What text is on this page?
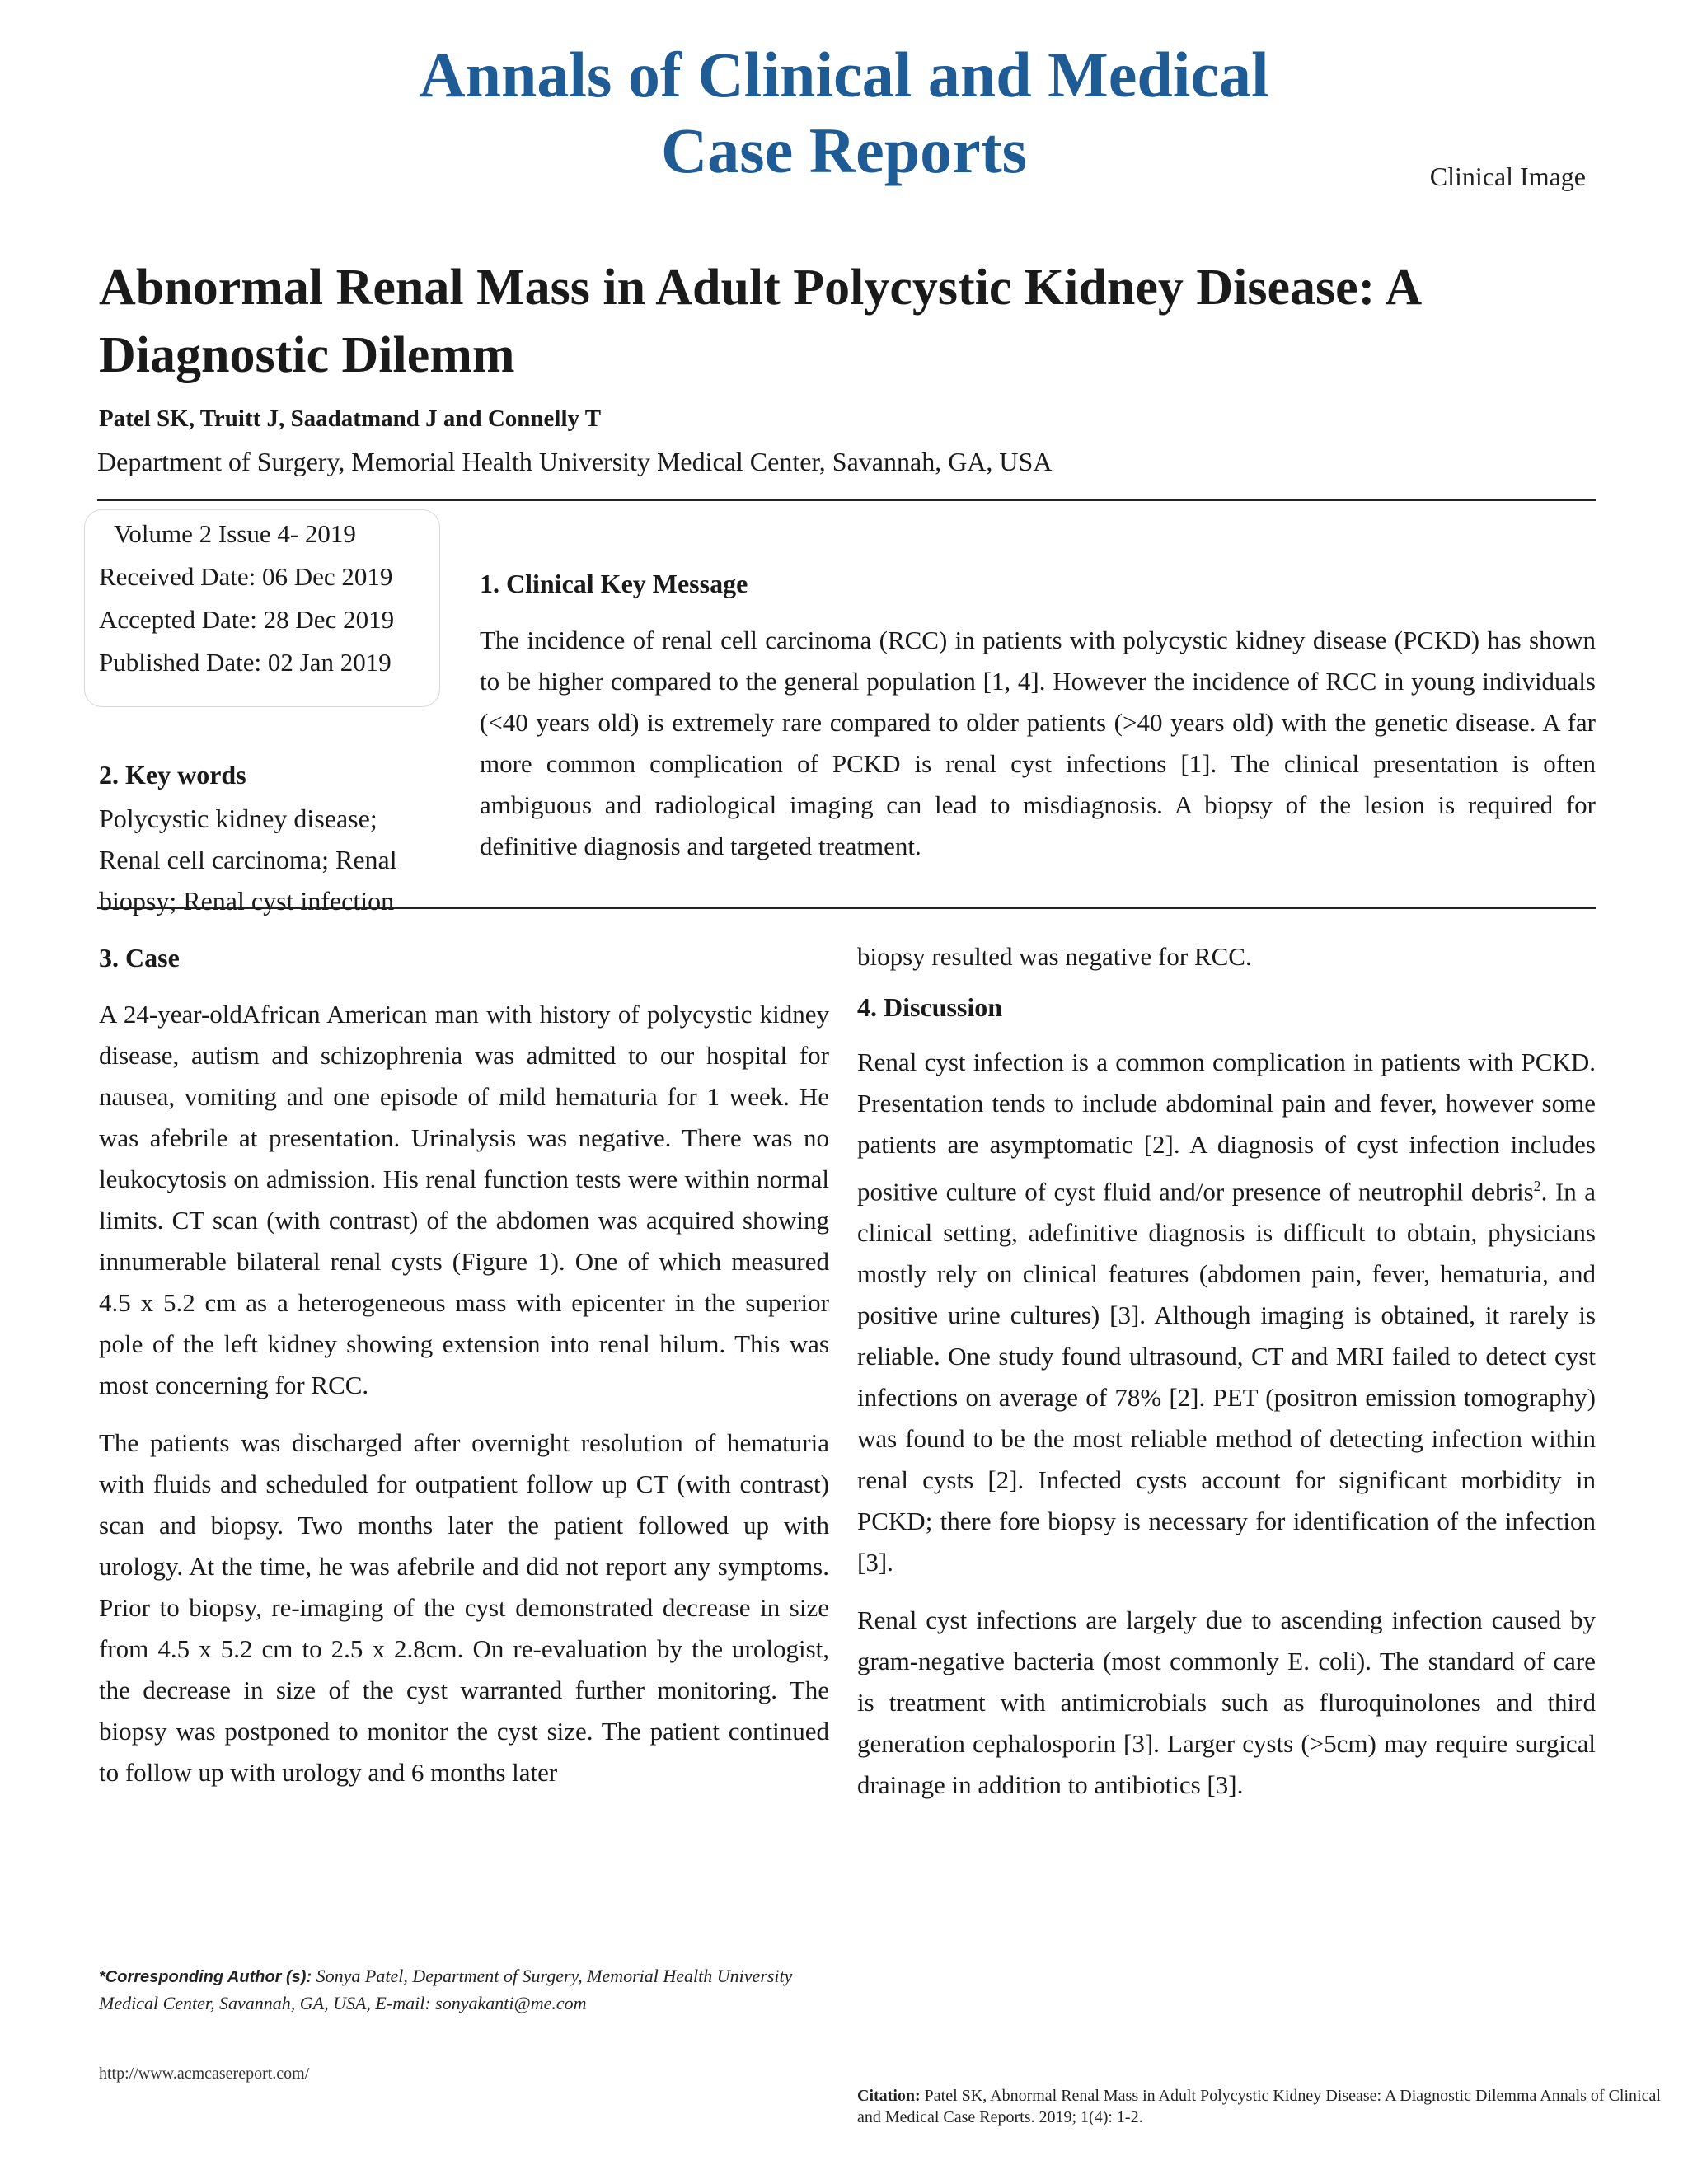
Annals of Clinical and Medical
Case Reports	Clinical Image
Abnormal Renal Mass in Adult Polycystic Kidney Disease: A
Diagnostic Dilemm
Patel SK, Truitt J, Saadatmand J and Connelly T
Department of Surgery, Memorial Health University Medical Center, Savannah, GA, USA
Volume 2 Issue 4- 2019
Received Date: 06 Dec 2019
Accepted Date: 28 Dec 2019
Published Date: 02 Jan 2019
2. Key words
Polycystic kidney disease;
Renal cell carcinoma; Renal
biopsy; Renal cyst infection
1. Clinical Key Message

The incidence of renal cell carcinoma (RCC) in patients with polycystic kidney disease (PCKD) has shown to be higher compared to the general population [1, 4]. However the incidence of RCC in young individuals (<40 years old) is extremely rare compared to older patients (>40 years old) with the genetic disease. A far more common complication of PCKD is renal cyst infections [1]. The clinical presentation is often ambiguous and radiological imaging can lead to misdiagnosis. A biopsy of the lesion is required for definitive diagnosis and targeted treatment.

3. Case

A 24-year-oldAfrican American man with history of polycystic kidney disease, autism and schizophrenia was admitted to our hospital for nausea, vomiting and one episode of mild hematuria for 1 week. He was afebrile at presentation. Urinalysis was negative. There was no leukocytosis on admission. His renal function tests were within normal limits. CT scan (with contrast) of the abdomen was acquired showing innumerable bilateral renal cysts (Figure 1). One of which measured 4.5 x 5.2 cm as a heterogeneous mass with epicenter in the superior pole of the left kidney showing extension into renal hilum. This was most concerning for RCC.

The patients was discharged after overnight resolution of hematuria with fluids and scheduled for outpatient follow up CT (with contrast) scan and biopsy. Two months later the patient followed up with urology. At the time, he was afebrile and did not report any symptoms. Prior to biopsy, re-imaging of the cyst demonstrated decrease in size from 4.5 x 5.2 cm to 2.5 x 2.8cm. On re-evaluation by the urologist, the decrease in size of the cyst warranted further monitoring. The biopsy was postponed to monitor the cyst size. The patient continued to follow up with urology and 6 months later

biopsy resulted was negative for RCC.

4. Discussion

Renal cyst infection is a common complication in patients with PCKD. Presentation tends to include abdominal pain and fever, however some patients are asymptomatic [2]. A diagnosis of cyst infection includes positive culture of cyst fluid and/or presence of neutrophil debris$^2$. In a clinical setting, adefinitive diagnosis is difficult to obtain, physicians mostly rely on clinical features (abdomen pain, fever, hematuria, and positive urine cultures) [3]. Although imaging is obtained, it rarely is reliable. One study found ultrasound, CT and MRI failed to detect cyst infections on average of 78% [2]. PET (positron emission tomography) was found to be the most reliable method of detecting infection within renal cysts [2]. Infected cysts account for significant morbidity in PCKD; there fore biopsy is necessary for identification of the infection [3].

Renal cyst infections are largely due to ascending infection caused by gram-negative bacteria (most commonly E. coli). The standard of care is treatment with antimicrobials such as fluroquinolones and third generation cephalosporin [3]. Larger cysts (>5cm) may require surgical drainage in addition to antibiotics [3].

*Corresponding Author (s): Sonya Patel, Department of Surgery, Memorial Health University Medical Center, Savannah, GA, USA, E-mail: sonyakanti@me.com
http://www.acmcasereport.com/
Citation: Patel SK, Abnormal Renal Mass in Adult Polycystic Kidney Disease: A Diagnostic Dilemma Annals of Clinical and Medical Case Reports. 2019; 1(4): 1-2.
